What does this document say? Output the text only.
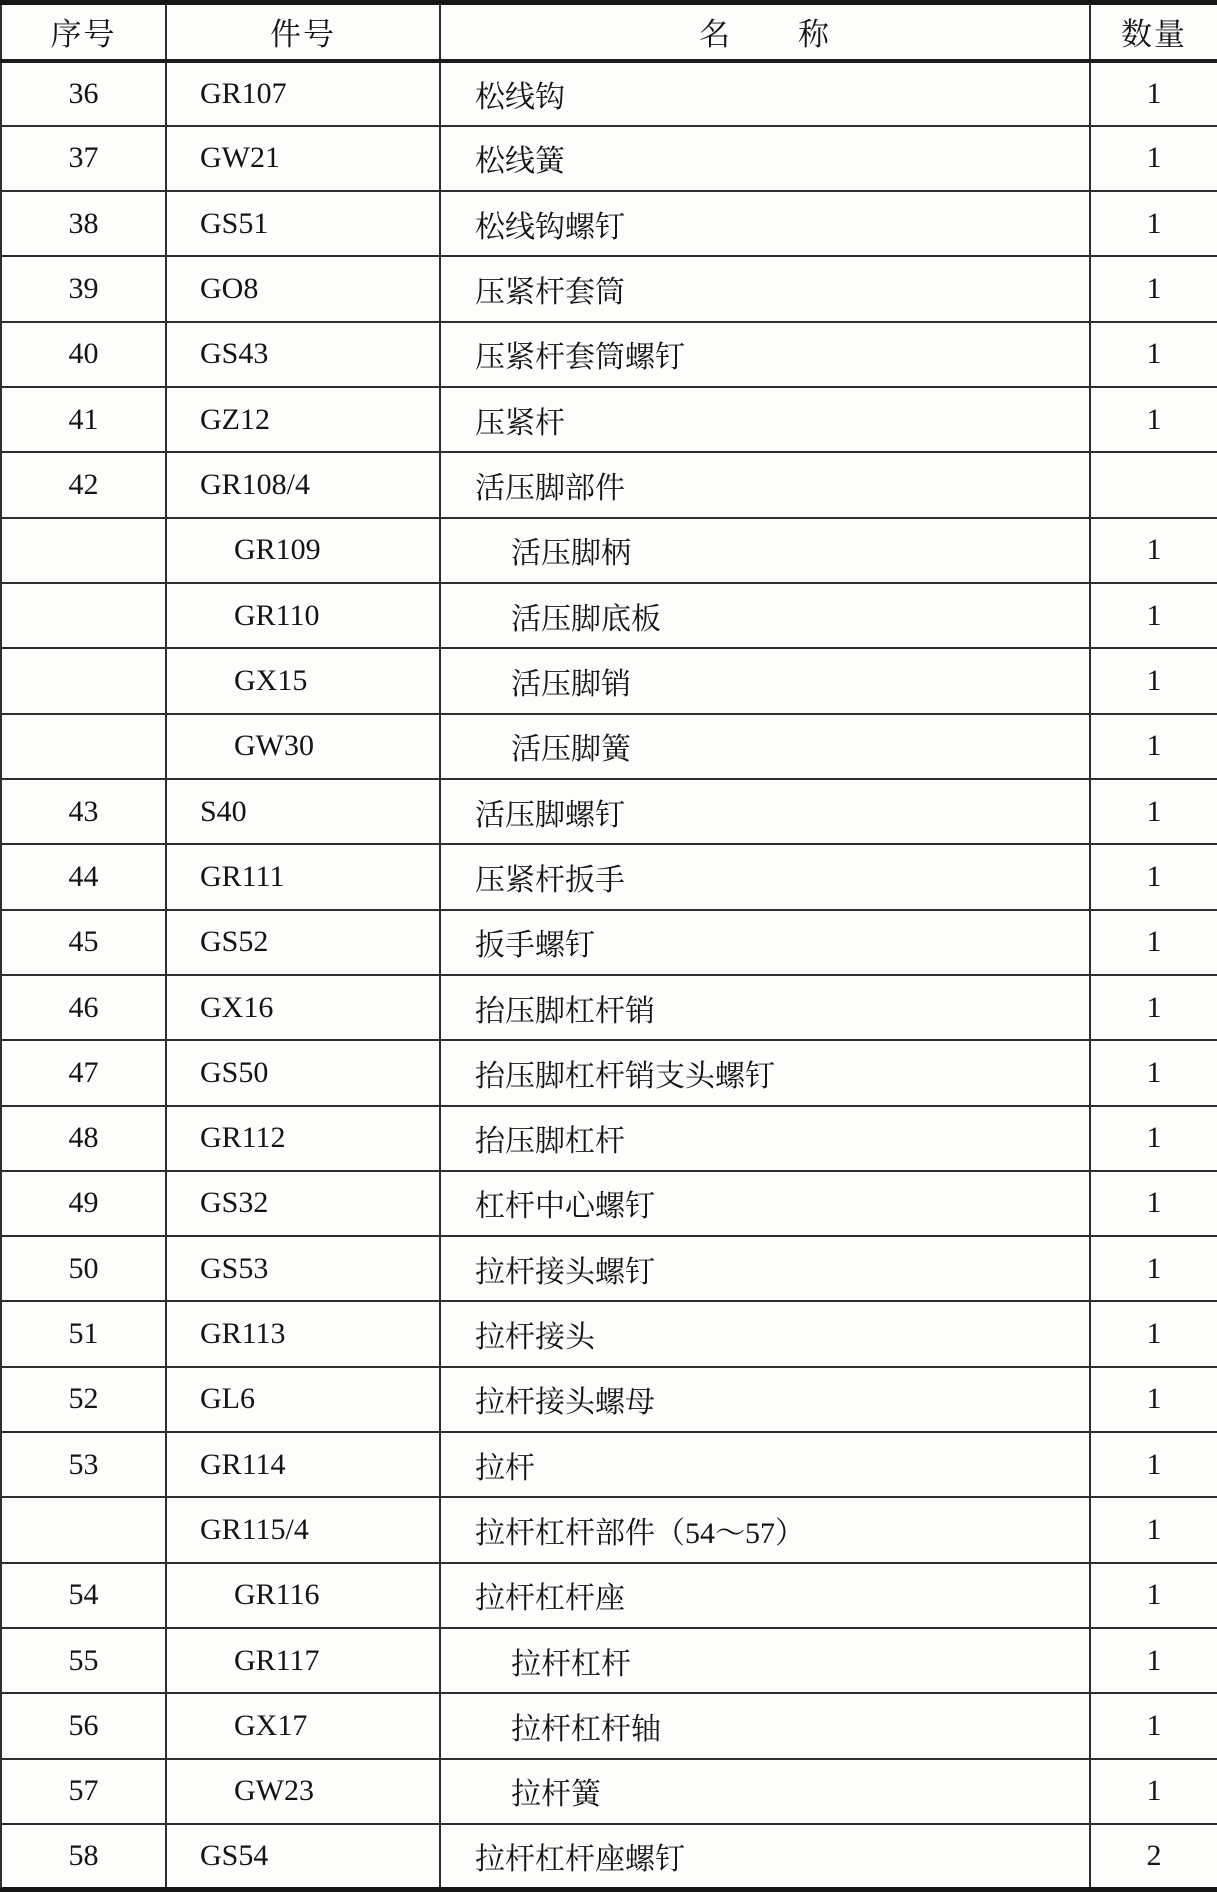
序号	件号	名　　称	数量
36	GR107	松线钩	1
37	GW21	松线簧	1
38	GS51	松线钩螺钉	1
39	GO8	压紧杆套筒	1
40	GS43	压紧杆套筒螺钉	1
41	GZ12	压紧杆	1
42	GR108/4	活压脚部件	
	GR109	活压脚柄	1
	GR110	活压脚底板	1
	GX15	活压脚销	1
	GW30	活压脚簧	1
43	S40	活压脚螺钉	1
44	GR111	压紧杆扳手	1
45	GS52	扳手螺钉	1
46	GX16	抬压脚杠杆销	1
47	GS50	抬压脚杠杆销支头螺钉	1
48	GR112	抬压脚杠杆	1
49	GS32	杠杆中心螺钉	1
50	GS53	拉杆接头螺钉	1
51	GR113	拉杆接头	1
52	GL6	拉杆接头螺母	1
53	GR114	拉杆	1
	GR115/4	拉杆杠杆部件（54～57）	1
54	GR116	拉杆杠杆座	1
55	GR117	拉杆杠杆	1
56	GX17	拉杆杠杆轴	1
57	GW23	拉杆簧	1
58	GS54	拉杆杠杆座螺钉	2
